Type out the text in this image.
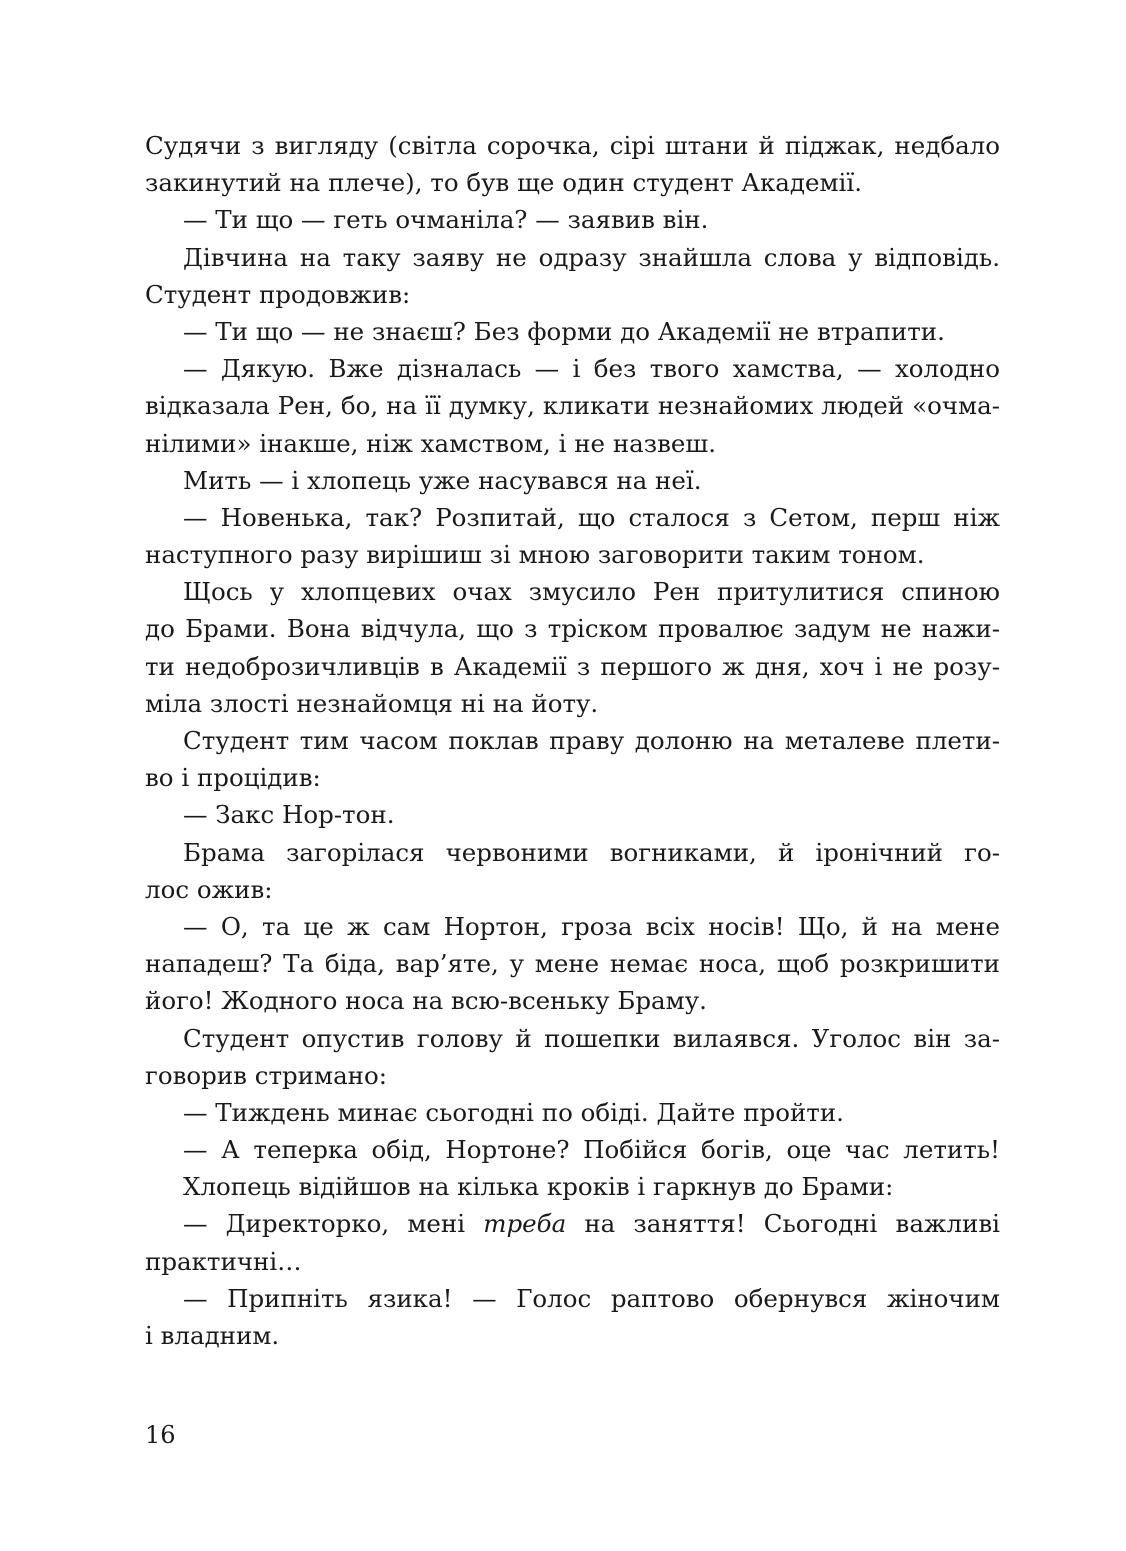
Судячи з вигляду (світла сорочка, сірі штани й піджак, недбало
закинутий на плече), то був ще один студент Академії.
— Ти що — геть очманіла? — заявив він.
Дівчина на таку заяву не одразу знайшла слова у відповідь.
Студент продовжив:
— Ти що — не знаєш? Без форми до Академії не втрапити.
— Дякую. Вже дізналась — і без твого хамства, — холодно
відказала Рен, бо, на її думку, кликати незнайомих людей «очма-
нілими» інакше, ніж хамством, і не назвеш.
Мить — і хлопець уже насувався на неї.
— Новенька, так? Розпитай, що сталося з Сетом, перш ніж
наступного разу вирішиш зі мною заговорити таким тоном.
Щось у хлопцевих очах змусило Рен притулитися спиною
до Брами. Вона відчула, що з тріском провалює задум не нажи-
ти недоброзичливців в Академії з першого ж дня, хоч і не розу-
міла злості незнайомця ні на йоту.
Студент тим часом поклав праву долоню на металеве плети-
во і процідив:
— Закс Нор-тон.
Брама загорілася червоними вогниками, й іронічний го-
лос ожив:
— О, та це ж сам Нортон, гроза всіх носів! Що, й на мене
нападеш? Та біда, вар’яте, у мене немає носа, щоб розкришити
його! Жодного носа на всю-всеньку Браму.
Студент опустив голову й пошепки вилаявся. Уголос він за-
говорив стримано:
— Тиждень минає сьогодні по обіді. Дайте пройти.
— А теперка обід, Нортоне? Побійся богів, оце час летить!
Хлопець відійшов на кілька кроків і гаркнув до Брами:
— Директорко, мені треба на заняття! Сьогодні важливі
практичні…
— Припніть язика! — Голос раптово обернувся жіночим
і владним.
16
